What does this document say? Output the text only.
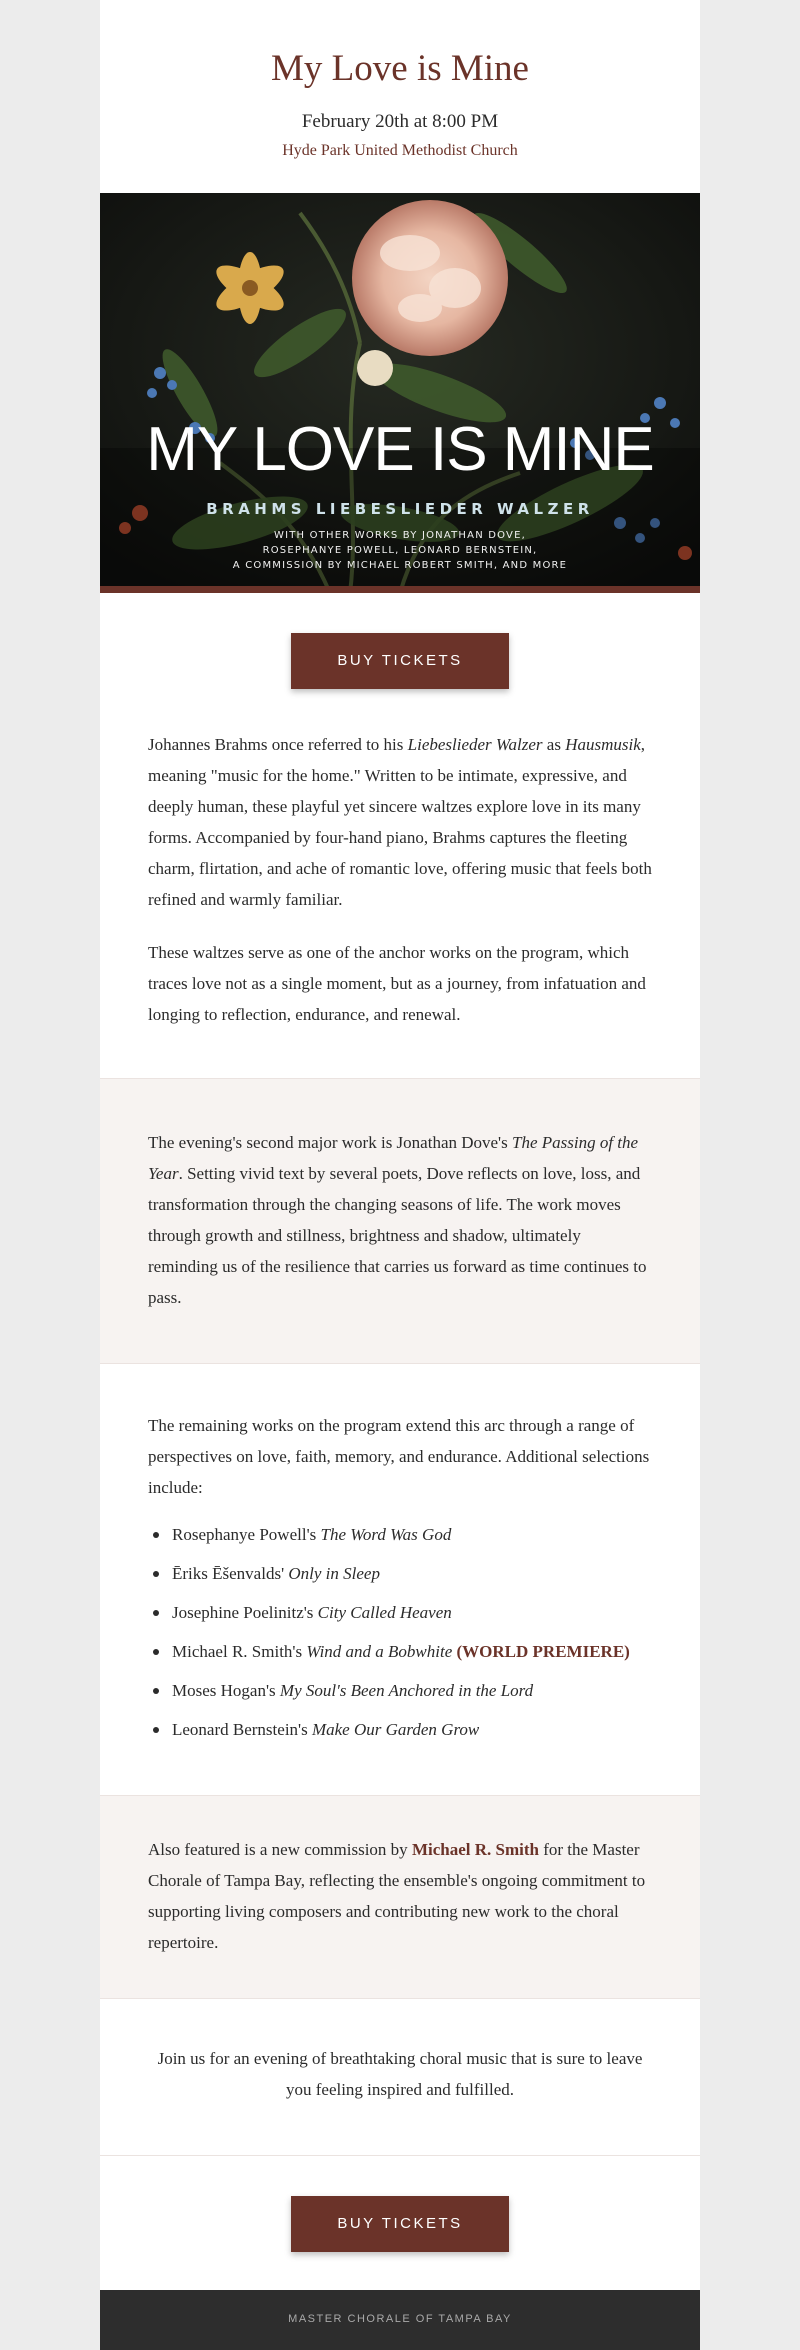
My Love is Mine
February 20th at 8:00 PM
Hyde Park United Methodist Church
MY LOVE IS MINE
BRAHMS LIEBESLIEDER WALZER
WITH OTHER WORKS BY JONATHAN DOVE,
ROSEPHANYE POWELL, LEONARD BERNSTEIN,
A COMMISSION BY MICHAEL ROBERT SMITH, AND MORE
BUY TICKETS

Johannes Brahms once referred to his Liebeslieder Walzer as Hausmusik, meaning "music for the home." Written to be intimate, expressive, and deeply human, these playful yet sincere waltzes explore love in its many forms. Accompanied by four-hand piano, Brahms captures the fleeting charm, flirtation, and ache of romantic love, offering music that feels both refined and warmly familiar.

These waltzes serve as one of the anchor works on the program, which traces love not as a single moment, but as a journey, from infatuation and longing to reflection, endurance, and renewal.

The evening's second major work is Jonathan Dove's The Passing of the Year. Setting vivid text by several poets, Dove reflects on love, loss, and transformation through the changing seasons of life. The work moves through growth and stillness, brightness and shadow, ultimately reminding us of the resilience that carries us forward as time continues to pass.

The remaining works on the program extend this arc through a range of perspectives on love, faith, memory, and endurance. Additional selections include:

Rosephanye Powell's The Word Was God
Ēriks Ēšenvalds' Only in Sleep
Josephine Poelinitz's City Called Heaven
Michael R. Smith's Wind and a Bobwhite (WORLD PREMIERE)
Moses Hogan's My Soul's Been Anchored in the Lord
Leonard Bernstein's Make Our Garden Grow

Also featured is a new commission by Michael R. Smith for the Master Chorale of Tampa Bay, reflecting the ensemble's ongoing commitment to supporting living composers and contributing new work to the choral repertoire.

Join us for an evening of breathtaking choral music that is sure to leave you feeling inspired and fulfilled.

BUY TICKETS
MASTER CHORALE OF TAMPA BAY
